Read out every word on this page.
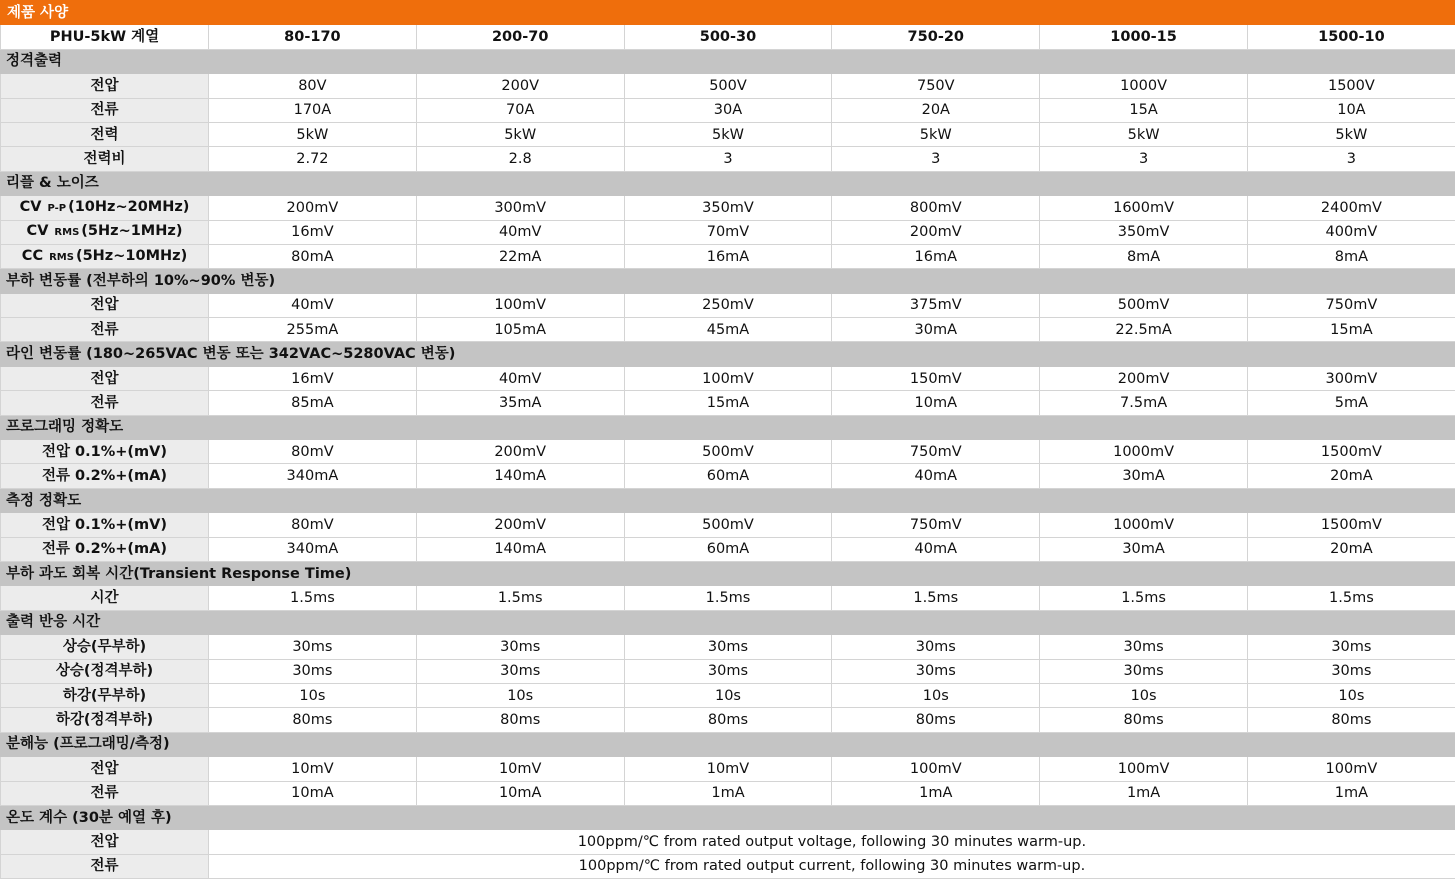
제품 사양						
PHU-5kW 계열	80-170	200-70	500-30	750-20	1000-15	1500-10
정격출력						
전압	80V	200V	500V	750V	1000V	1500V
전류	170A	70A	30A	20A	15A	10A
전력	5kW	5kW	5kW	5kW	5kW	5kW
전력비	2.72	2.8	3	3	3	3
리플 & 노이즈						
CV P-P (10Hz~20MHz)	200mV	300mV	350mV	800mV	1600mV	2400mV
CV RMS (5Hz~1MHz)	16mV	40mV	70mV	200mV	350mV	400mV
CC RMS (5Hz~10MHz)	80mA	22mA	16mA	16mA	8mA	8mA
부하 변동률 (전부하의 10%~90% 변동)						
전압	40mV	100mV	250mV	375mV	500mV	750mV
전류	255mA	105mA	45mA	30mA	22.5mA	15mA
라인 변동률 (180~265VAC 변동 또는 342VAC~5280VAC 변동)						
전압	16mV	40mV	100mV	150mV	200mV	300mV
전류	85mA	35mA	15mA	10mA	7.5mA	5mA
프로그래밍 정확도						
전압 0.1%+(mV)	80mV	200mV	500mV	750mV	1000mV	1500mV
전류 0.2%+(mA)	340mA	140mA	60mA	40mA	30mA	20mA
측정 정확도						
전압 0.1%+(mV)	80mV	200mV	500mV	750mV	1000mV	1500mV
전류 0.2%+(mA)	340mA	140mA	60mA	40mA	30mA	20mA
부하 과도 회복 시간(Transient Response Time)						
시간	1.5ms	1.5ms	1.5ms	1.5ms	1.5ms	1.5ms
출력 반응 시간						
상승(무부하)	30ms	30ms	30ms	30ms	30ms	30ms
상승(정격부하)	30ms	30ms	30ms	30ms	30ms	30ms
하강(무부하)	10s	10s	10s	10s	10s	10s
하강(정격부하)	80ms	80ms	80ms	80ms	80ms	80ms
분해능 (프로그래밍/측정)						
전압	10mV	10mV	10mV	100mV	100mV	100mV
전류	10mA	10mA	1mA	1mA	1mA	1mA
온도 계수 (30분 예열 후)						
전압	100ppm/℃ from rated output voltage, following 30 minutes warm-up.					
전류	100ppm/℃ from rated output current, following 30 minutes warm-up.					
